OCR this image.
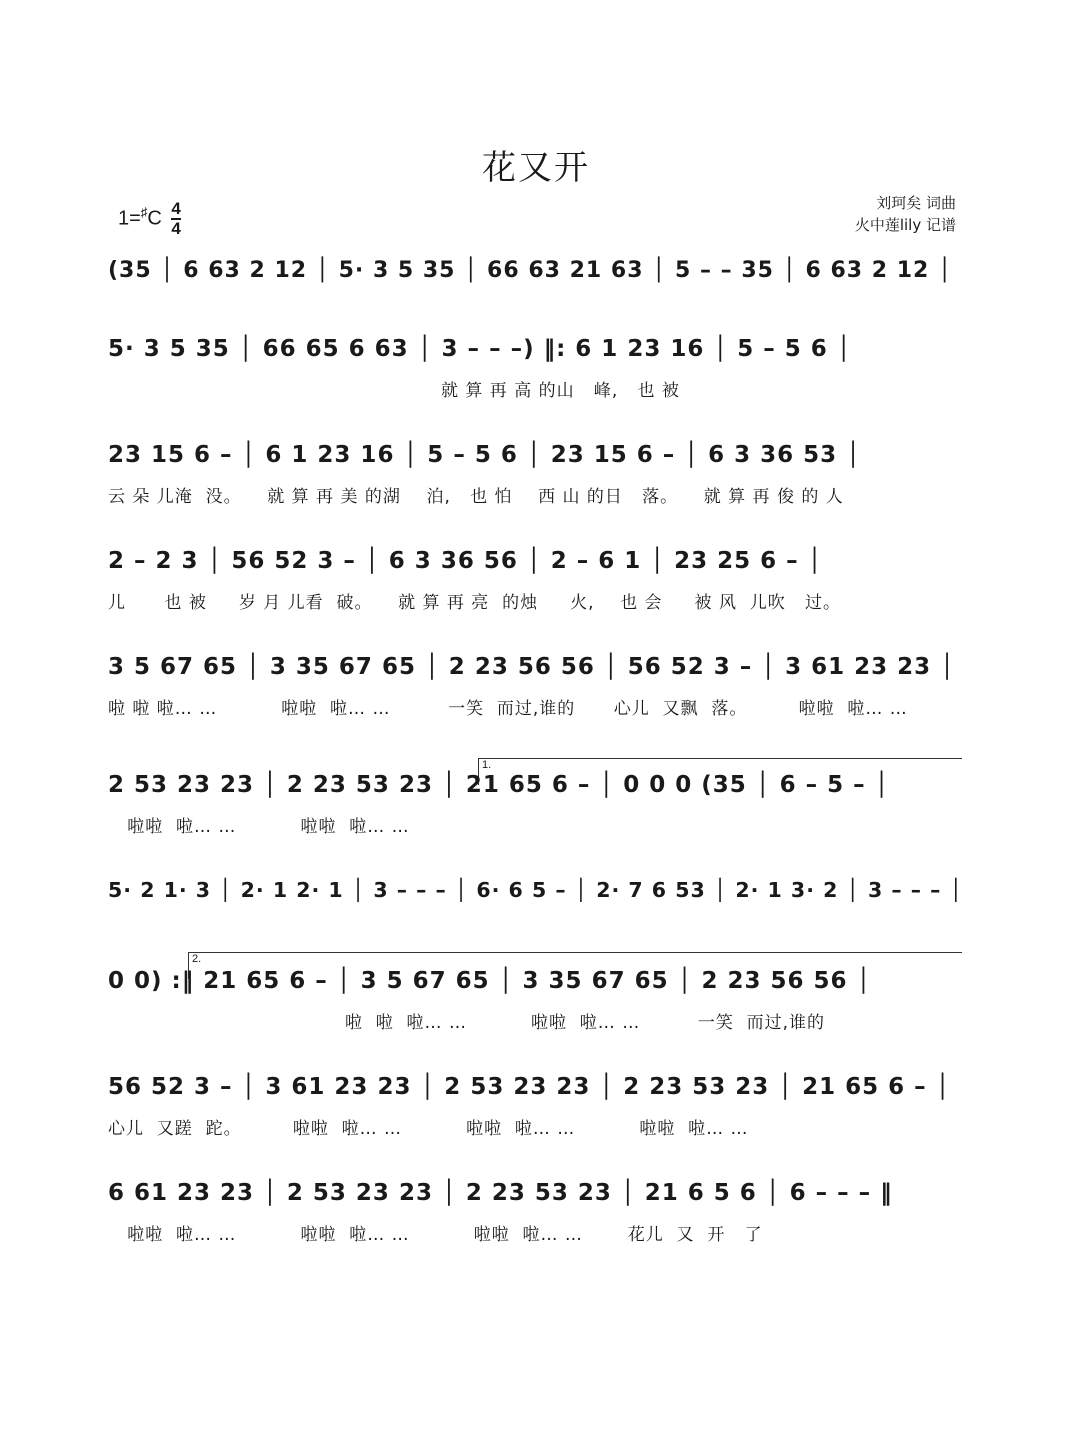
花又开
$1=^♯C \frac{4}{4}$	刘珂矣 词曲
火中莲lily 记谱
1.
2.
(35 │ 6 63 2 12 │ 5· 3 5 35 │ 66 63 21 63 │ 5 – – 35 │ 6 63 2 12 │
5· 3 5 35 │ 66 65 6 63 │ 3 – – –) ‖: 6 1 23 16 │ 5 – 5 6 │
就 算 再 高 的山   峰,   也 被
23 15 6 – │ 6 1 23 16 │ 5 – 5 6 │ 23 15 6 – │ 6 3 36 53 │
云 朵 儿淹  没。    就 算 再 美 的湖    泊,   也 怕    西 山 的日   落。    就 算 再 俊 的 人
2 – 2 3 │ 56 52 3 – │ 6 3 36 56 │ 2 – 6 1 │ 23 25 6 – │
儿      也 被     岁 月 儿看  破。    就 算 再 亮  的烛     火,    也 会     被 风  儿吹   过。
3 5 67 65 │ 3 35 67 65 │ 2 23 56 56 │ 56 52 3 – │ 3 61 23 23 │
啦 啦 啦… …          啦啦  啦… …         一笑  而过,谁的      心儿  又飘  落。        啦啦  啦… …
2 53 23 23 │ 2 23 53 23 │ 21 65 6 – │ 0 0 0 (35 │ 6 – 5 – │
啦啦  啦… …          啦啦  啦… …
5· 2 1· 3 │ 2· 1 2· 1 │ 3 – – – │ 6· 6 5 – │ 2· 7 6 53 │ 2· 1 3· 2 │ 3 – – – │
0 0) :‖ 21 65 6 – │ 3 5 67 65 │ 3 35 67 65 │ 2 23 56 56 │
啦  啦  啦… …          啦啦  啦… …         一笑  而过,谁的
56 52 3 – │ 3 61 23 23 │ 2 53 23 23 │ 2 23 53 23 │ 21 65 6 – │
心儿  又蹉  跎。        啦啦  啦… …          啦啦  啦… …          啦啦  啦… …
6 61 23 23 │ 2 53 23 23 │ 2 23 53 23 │ 21 6 5 6 │ 6 – – – ‖
啦啦  啦… …          啦啦  啦… …          啦啦  啦… …       花儿  又  开   了
